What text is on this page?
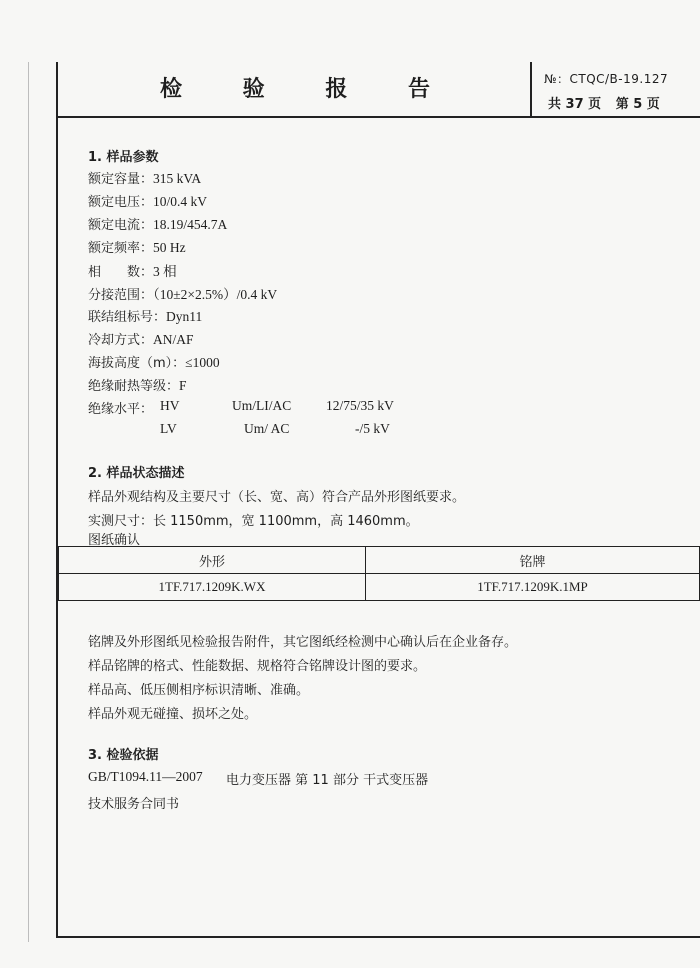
检	验	报	告	№：CTQC/B-19.127
共 37 页 第 5 页
1. 样品参数
额定容量：315 kVA
额定电压：10/0.4 kV
额定电流：18.19/454.7A
额定频率：50 Hz
相　　数：3 相
分接范围：（10±2×2.5%）/0.4 kV
联结组标号：Dyn11
冷却方式：AN/AF
海拔高度（m）：≤1000
绝缘耐热等级：F
绝缘水平： HV	Um/LI/AC	12/75/35 kV
LV	Um/ AC	-/5 kV
2. 样品状态描述
样品外观结构及主要尺寸（长、宽、高）符合产品外形图纸要求。
实测尺寸：长 1150mm，宽 1100mm，高 1460mm。
图纸确认
外形	铭牌
1TF.717.1209K.WX	1TF.717.1209K.1MP
铭牌及外形图纸见检验报告附件，其它图纸经检测中心确认后在企业备存。
样品铭牌的格式、性能数据、规格符合铭牌设计图的要求。
样品高、低压侧相序标识清晰、准确。
样品外观无碰撞、损坏之处。
3. 检验依据
GB/T1094.11—2007 电力变压器 第 11 部分 干式变压器
技术服务合同书
